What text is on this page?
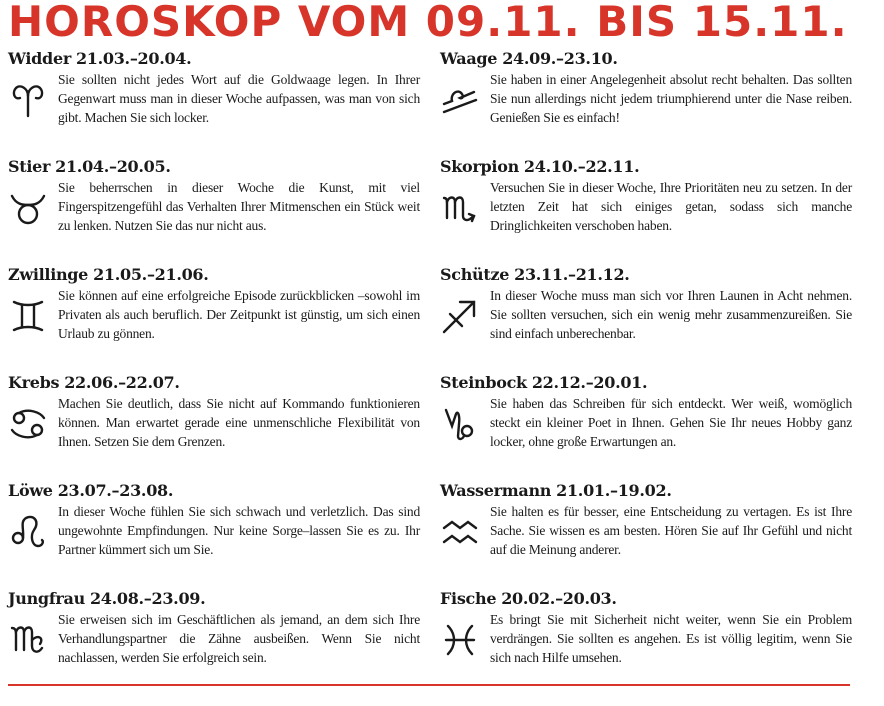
HOROSKOP VOM 09.11. BIS 15.11.
Widder 21.03.–20.04.
Sie sollten nicht jedes Wort auf die Goldwaage legen. In Ihrer Gegenwart muss man in dieser Woche aufpassen, was man von sich gibt. Machen Sie sich locker.
Stier 21.04.–20.05.
Sie beherrschen in dieser Woche die Kunst, mit viel Fingerspitzengefühl das Verhalten Ihrer Mitmenschen ein Stück weit zu lenken. Nutzen Sie das nur nicht aus.
Zwillinge 21.05.–21.06.
Sie können auf eine erfolgreiche Episode zurückblicken –sowohl im Privaten als auch beruflich. Der Zeitpunkt ist günstig, um sich einen Urlaub zu gönnen.
Krebs 22.06.–22.07.
Machen Sie deutlich, dass Sie nicht auf Kommando funktionieren können. Man erwartet gerade eine unmenschliche Flexibilität von Ihnen. Setzen Sie dem Grenzen.
Löwe 23.07.–23.08.
In dieser Woche fühlen Sie sich schwach und verletzlich. Das sind ungewohnte Empfindungen. Nur keine Sorge–lassen Sie es zu. Ihr Partner kümmert sich um Sie.
Jungfrau 24.08.–23.09.
Sie erweisen sich im Geschäftlichen als jemand, an dem sich Ihre Verhandlungspartner die Zähne ausbeißen. Wenn Sie nicht nachlassen, werden Sie erfolgreich sein.
Waage 24.09.–23.10.
Sie haben in einer Angelegenheit absolut recht behalten. Das sollten Sie nun allerdings nicht jedem triumphierend unter die Nase reiben. Genießen Sie es einfach!
Skorpion 24.10.–22.11.
Versuchen Sie in dieser Woche, Ihre Prioritäten neu zu setzen. In der letzten Zeit hat sich einiges getan, sodass sich manche Dringlichkeiten verschoben haben.
Schütze 23.11.–21.12.
In dieser Woche muss man sich vor Ihren Launen in Acht nehmen. Sie sollten versuchen, sich ein wenig mehr zusammenzureißen. Sie sind einfach unberechenbar.
Steinbock 22.12.–20.01.
Sie haben das Schreiben für sich entdeckt. Wer weiß, womöglich steckt ein kleiner Poet in Ihnen. Gehen Sie Ihr neues Hobby ganz locker, ohne große Erwartungen an.
Wassermann 21.01.–19.02.
Sie halten es für besser, eine Entscheidung zu vertagen. Es ist Ihre Sache. Sie wissen es am besten. Hören Sie auf Ihr Gefühl und nicht auf die Meinung anderer.
Fische 20.02.–20.03.
Es bringt Sie mit Sicherheit nicht weiter, wenn Sie ein Problem verdrängen. Sie sollten es angehen. Es ist völlig legitim, wenn Sie sich nach Hilfe umsehen.
